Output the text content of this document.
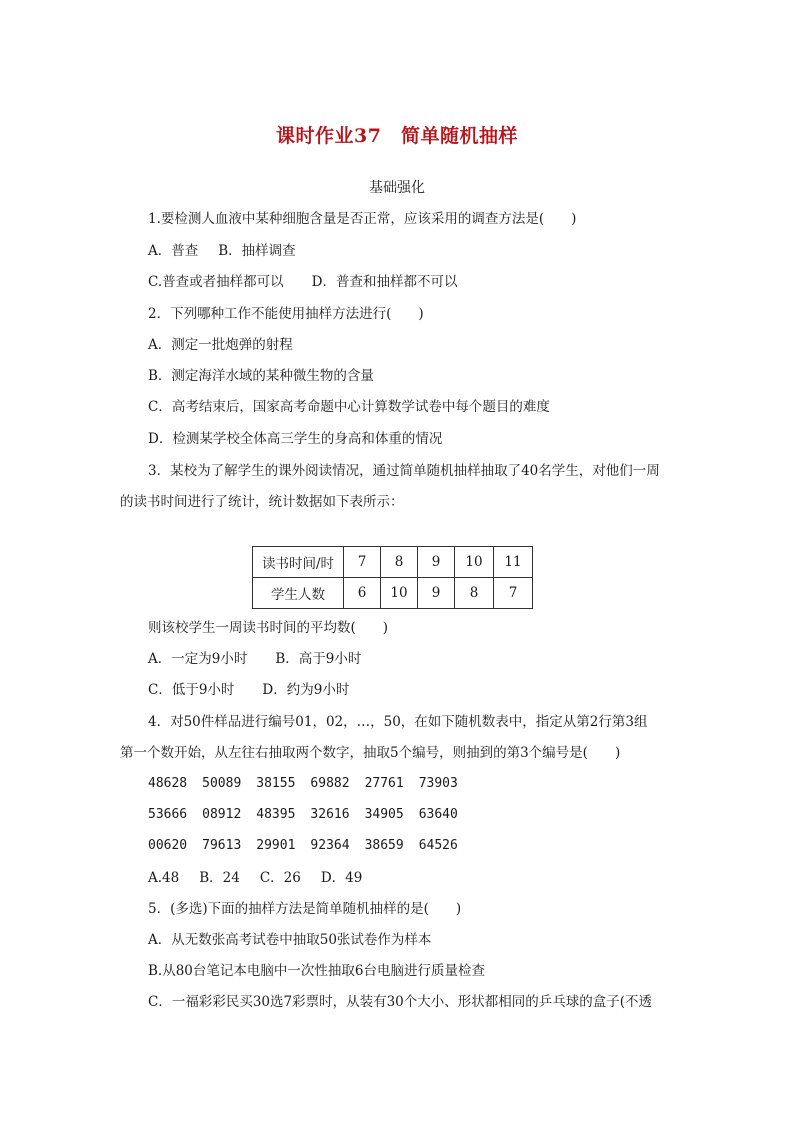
课时作业37　简单随机抽样
基础强化
1.要检测人血液中某种细胞含量是否正常，应该采用的调查方法是(　　)
A．普查 B．抽样调查
C.普查或者抽样都可以 D．普查和抽样都不可以
2．下列哪种工作不能使用抽样方法进行(　　)
A．测定一批炮弹的射程
B．测定海洋水域的某种微生物的含量
C．高考结束后，国家高考命题中心计算数学试卷中每个题目的难度
D．检测某学校全体高三学生的身高和体重的情况
3．某校为了解学生的课外阅读情况，通过简单随机抽样抽取了40名学生，对他们一周
的读书时间进行了统计，统计数据如下表所示：
读书时间/时	7	8	9	10	11
学生人数	6	10	9	8	7
则该校学生一周读书时间的平均数(　　)
A．一定为9小时 B．高于9小时
C．低于9小时 D．约为9小时
4．对50件样品进行编号01，02，…，50，在如下随机数表中，指定从第2行第3组
第一个数开始，从左往右抽取两个数字，抽取5个编号，则抽到的第3个编号是(　　)
48628 50089 38155 69882 27761 73903
53666 08912 48395 32616 34905 63640
00620 79613 29901 92364 38659 64526
A.48 B．24 C．26 D．49
5．(多选)下面的抽样方法是简单随机抽样的是(　　)
A．从无数张高考试卷中抽取50张试卷作为样本
B.从80台笔记本电脑中一次性抽取6台电脑进行质量检查
C．一福彩彩民买30选7彩票时，从装有30个大小、形状都相同的乒乓球的盒子(不透
